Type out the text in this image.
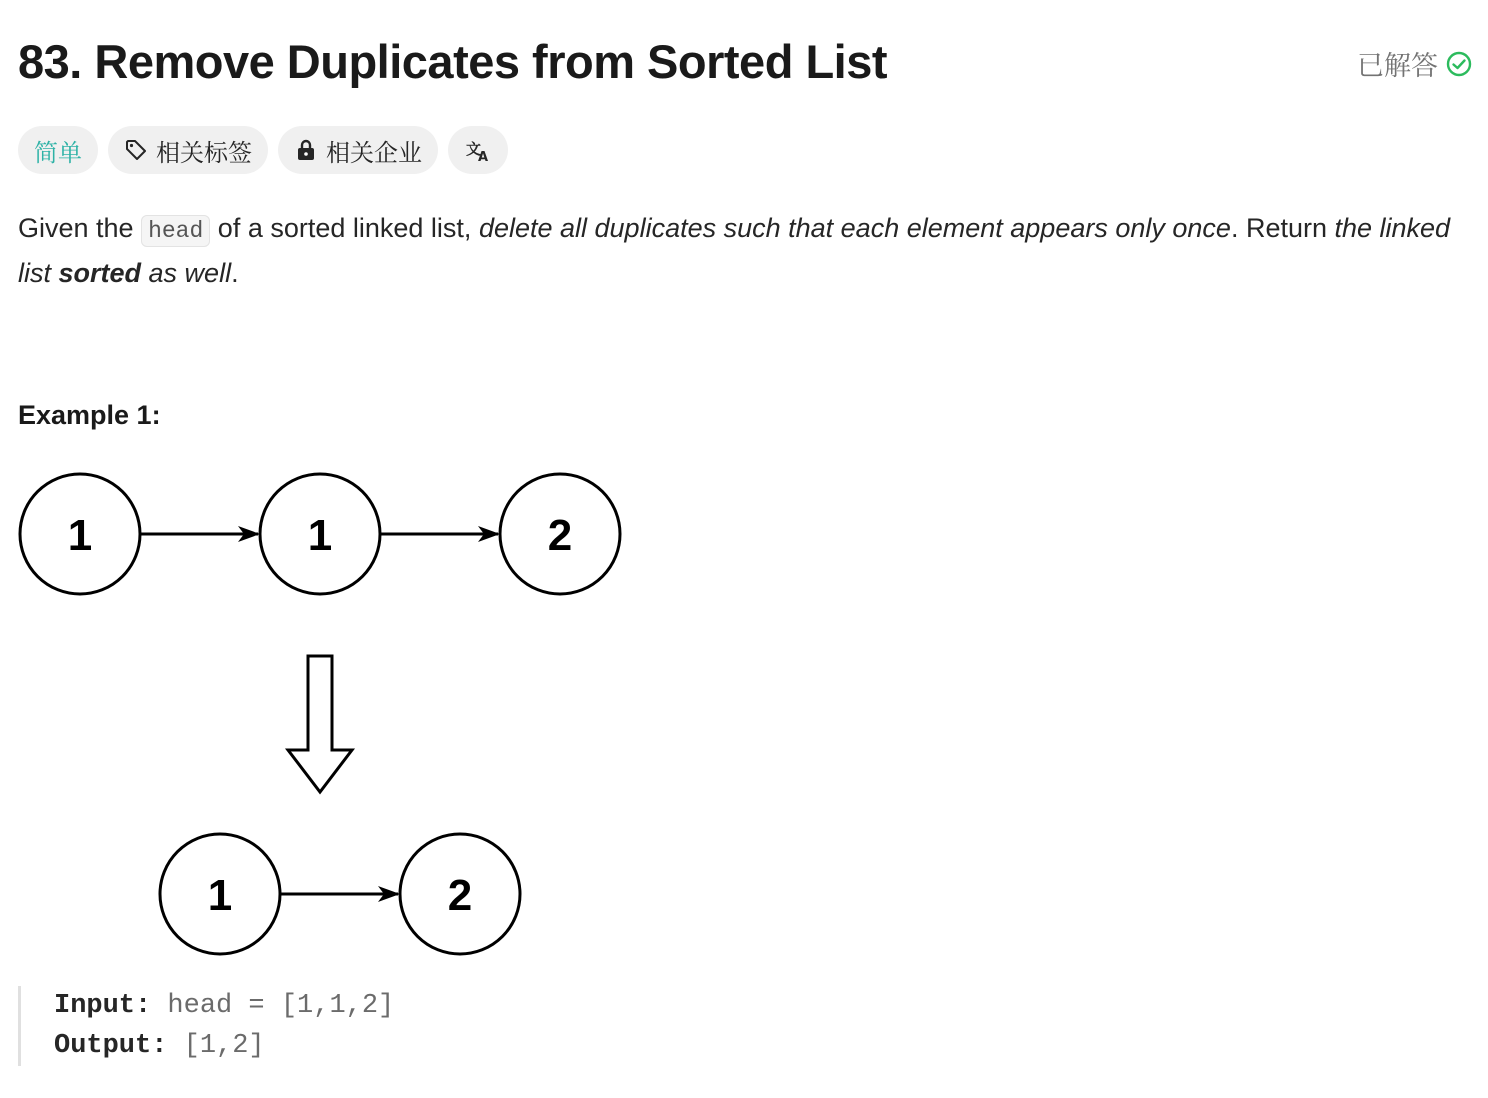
83. Remove Duplicates from Sorted List	已解答
简单	相关标签	相关企业	文
A

Given the head of a sorted linked list, delete all duplicates such that each element appears only once. Return the linked list sorted as well.

Example 1:
1	1	2
1	2
Input: head = [1,1,2]
Output: [1,2]
